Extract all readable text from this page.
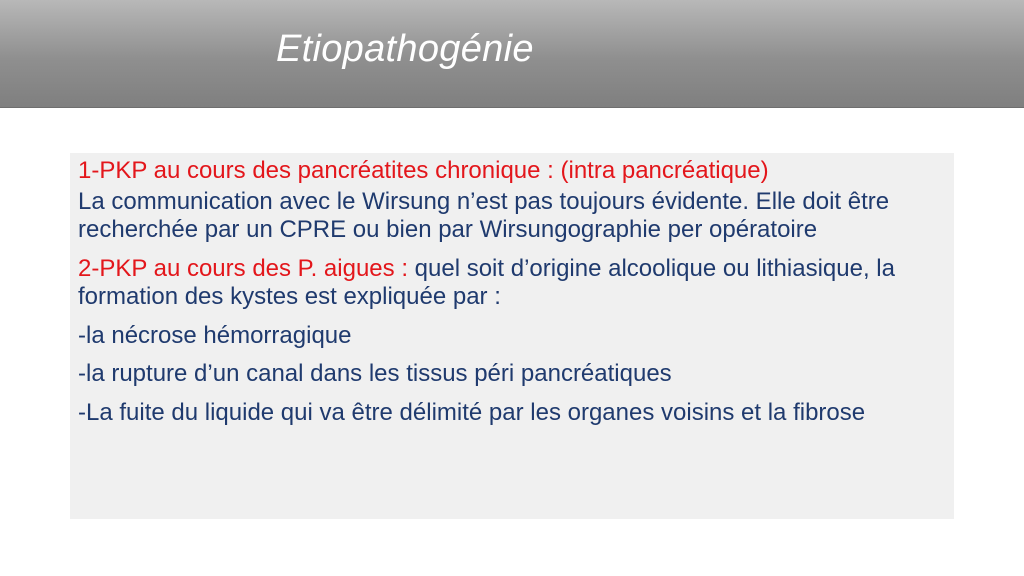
Etiopathogénie

1-PKP au cours des pancréatites chronique : (intra pancréatique)

La communication avec le Wirsung n’est pas toujours évidente. Elle doit être recherchée par un CPRE ou bien par Wirsungographie per opératoire

2-PKP au cours des P. aigues : quel soit d’origine alcoolique ou lithiasique, la formation des kystes est expliquée par :

-la nécrose hémorragique

-la rupture d’un canal dans les tissus péri pancréatiques

-La fuite du liquide qui va être délimité par les organes voisins et la fibrose
